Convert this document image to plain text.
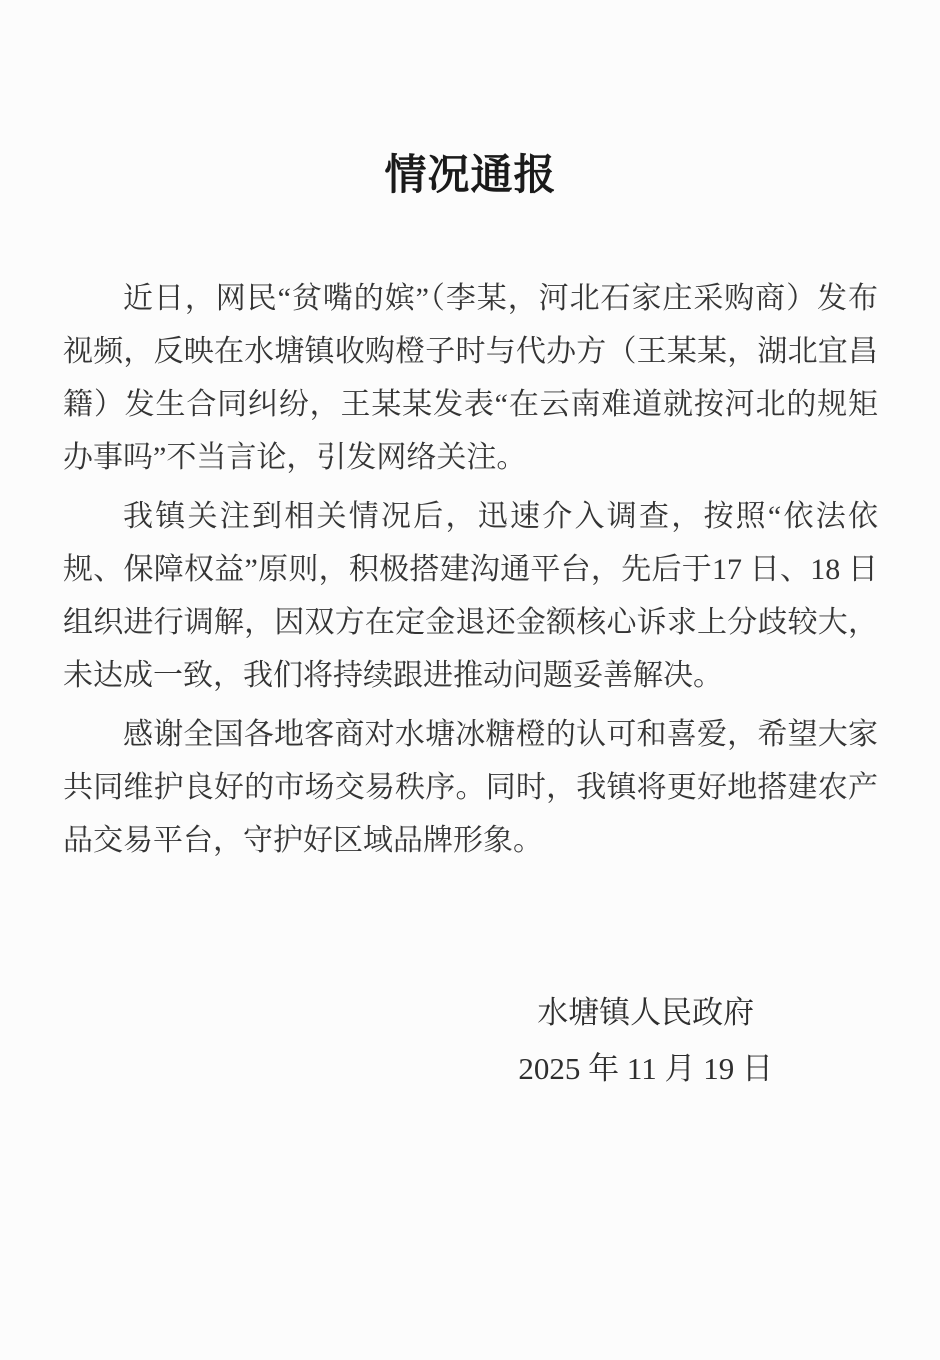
情况通报

近日，网民“贫嘴的嫔”（李某，河北石家庄采购商）发布视频，反映在水塘镇收购橙子时与代办方（王某某，湖北宜昌籍）发生合同纠纷，王某某发表“在云南难道就按河北的规矩办事吗”不当言论，引发网络关注。

我镇关注到相关情况后，迅速介入调查，按照“依法依规、保障权益”原则，积极搭建沟通平台，先后于17 日、18 日组织进行调解，因双方在定金退还金额核心诉求上分歧较大，未达成一致，我们将持续跟进推动问题妥善解决。

感谢全国各地客商对水塘冰糖橙的认可和喜爱，希望大家共同维护良好的市场交易秩序。同时，我镇将更好地搭建农产品交易平台，守护好区域品牌形象。

水塘镇人民政府
2025 年 11 月 19 日
